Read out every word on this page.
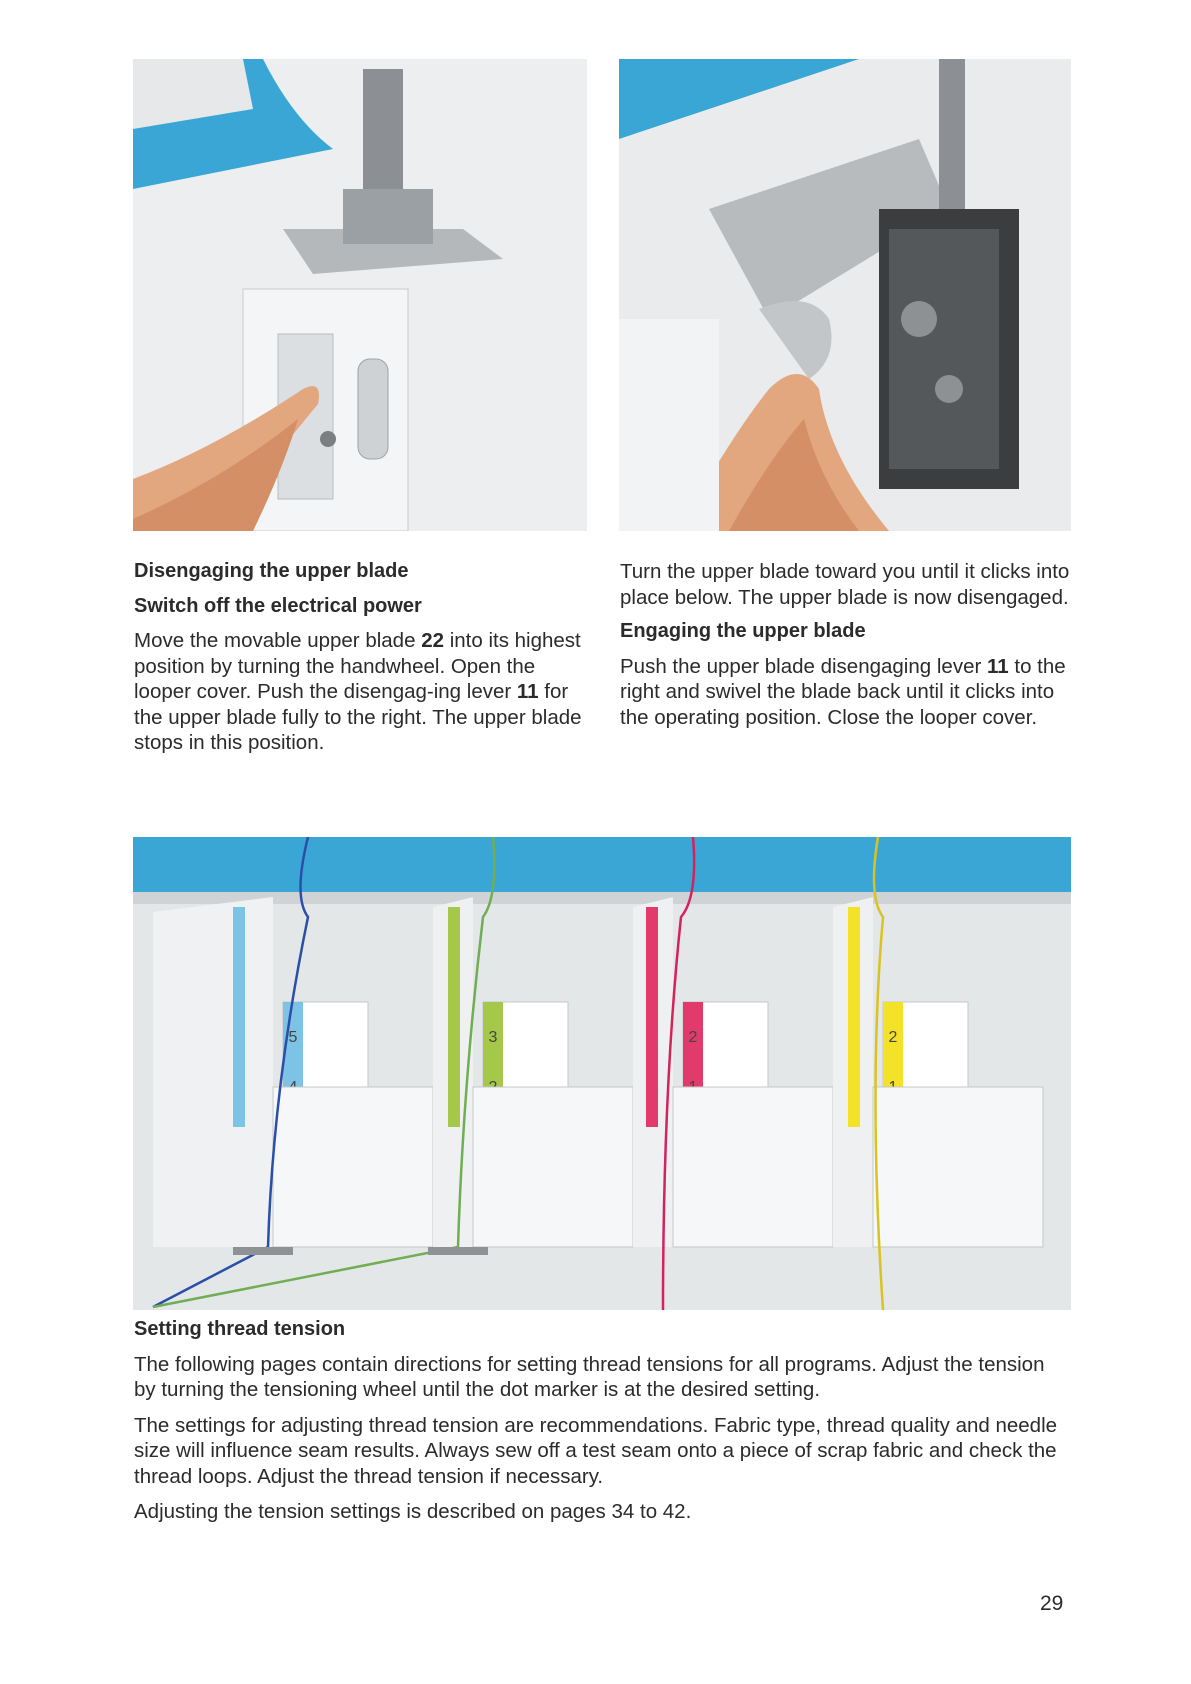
Disengaging the upper blade
Switch off the electrical power

Move the movable upper blade 22 into its highest position by turning the handwheel. Open the looper cover. Push the disengag-ing lever 11 for the upper blade fully to the right. The upper blade stops in this position.

Turn the upper blade toward you until it clicks into place below. The upper blade is now disengaged.

Engaging the upper blade

Push the upper blade disengaging lever 11 to the right and swivel the blade back until it clicks into the operating position. Close the looper cover.

5	3	2	2
Setting thread tension

The following pages contain directions for setting thread tensions for all programs. Adjust the tension by turning the tensioning wheel until the dot marker is at the desired setting.

The settings for adjusting thread tension are recommendations. Fabric type, thread quality and needle size will influence seam results. Always sew off a test seam onto a piece of scrap fabric and check the thread loops. Adjust the thread tension if necessary.

Adjusting the tension settings is described on pages 34 to 42.

29
